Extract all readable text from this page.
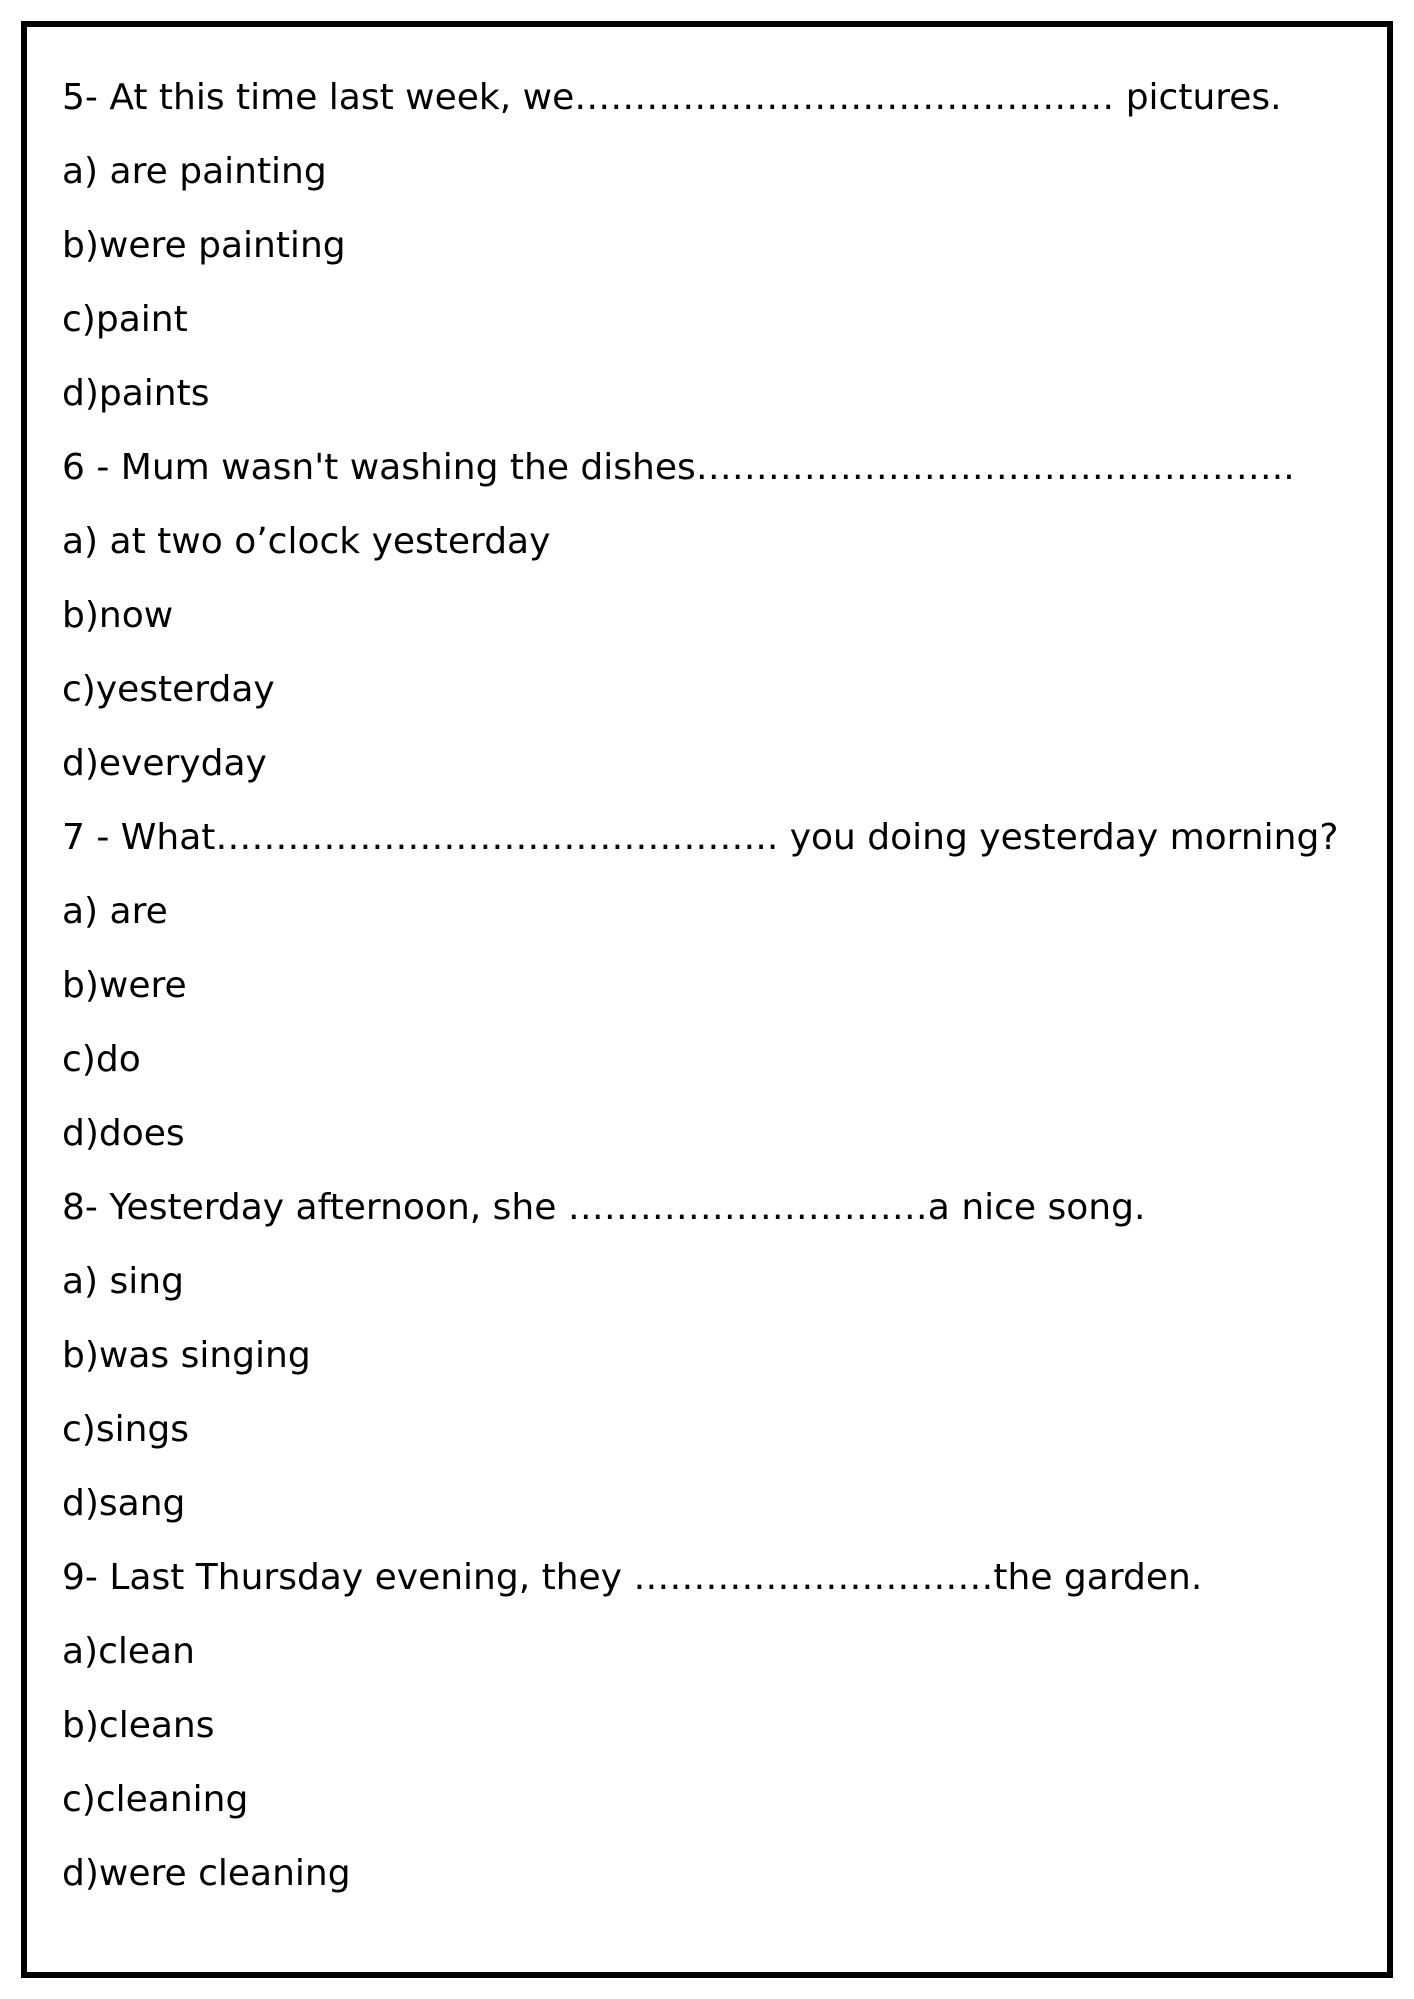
5- At this time last week, we……………………………………… pictures.
a) are painting
b)were painting
c)paint
d)paints
6 - Mum wasn't washing the dishes…………………………………………..
a) at two o’clock yesterday
b)now
c)yesterday
d)everyday
7 - What……………………………………….. you doing yesterday morning?
a) are
b)were
c)do
d)does
8- Yesterday afternoon, she …………………………a nice song.
a) sing
b)was singing
c)sings
d)sang
9- Last Thursday evening, they …………………………the garden.
a)clean
b)cleans
c)cleaning
d)were cleaning
